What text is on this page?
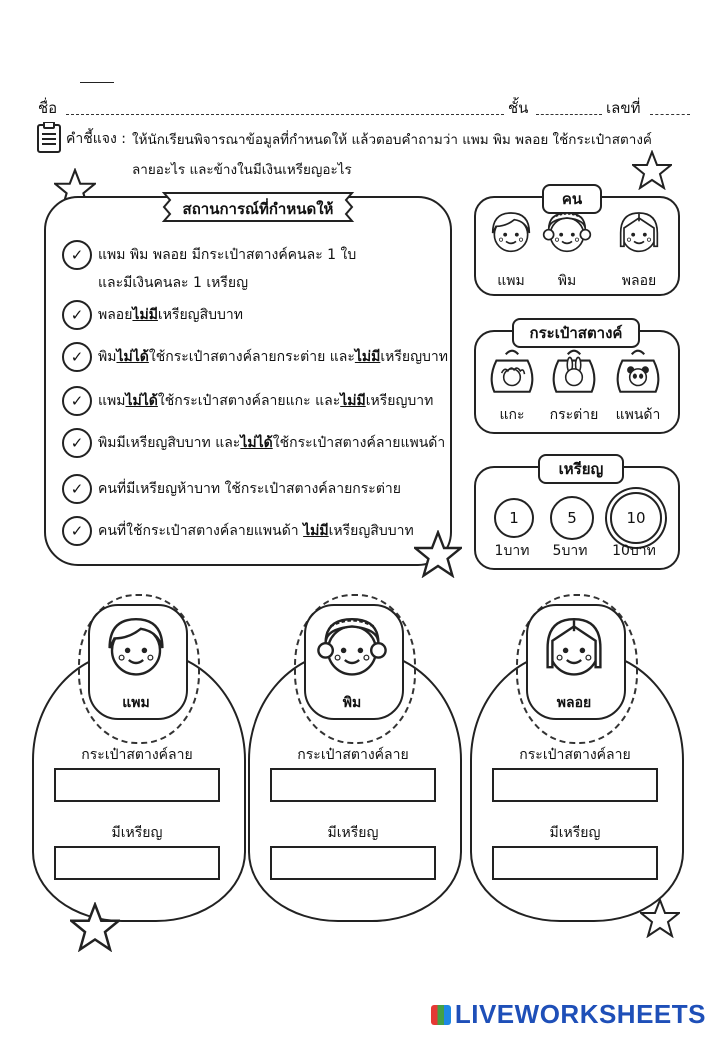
ชื่อ	ชั้น	เลขที่
คำชี้แจง : ให้นักเรียนพิจารณาข้อมูลที่กำหนดให้ แล้วตอบคำถามว่า แพม พิม พลอย ใช้กระเป๋าสตางค์
ลายอะไร และข้างในมีเงินเหรียญอะไร
สถานการณ์ที่กำหนดให้
✓	แพม พิม พลอย มีกระเป๋าสตางค์คนละ 1 ใบ
และมีเงินคนละ 1 เหรียญ
✓	พลอยไม่มีเหรียญสิบบาท
✓	พิมไม่ได้ใช้กระเป๋าสตางค์ลายกระต่าย และไม่มีเหรียญบาท
✓	แพมไม่ได้ใช้กระเป๋าสตางค์ลายแกะ และไม่มีเหรียญบาท
✓	พิมมีเหรียญสิบบาท และไม่ได้ใช้กระเป๋าสตางค์ลายแพนด้า
✓	คนที่มีเหรียญห้าบาท ใช้กระเป๋าสตางค์ลายกระต่าย
✓	คนที่ใช้กระเป๋าสตางค์ลายแพนด้า ไม่มีเหรียญสิบบาท
คน
แพม	พิม	พลอย
กระเป๋าสตางค์
แกะ	กระต่าย	แพนด้า
เหรียญ
1
1บาท
5
5บาท
10
10บาท
แพม
กระเป๋าสตางค์ลาย
มีเหรียญ
พิม
กระเป๋าสตางค์ลาย
มีเหรียญ
พลอย
กระเป๋าสตางค์ลาย
มีเหรียญ
LIVEWORKSHEETS
